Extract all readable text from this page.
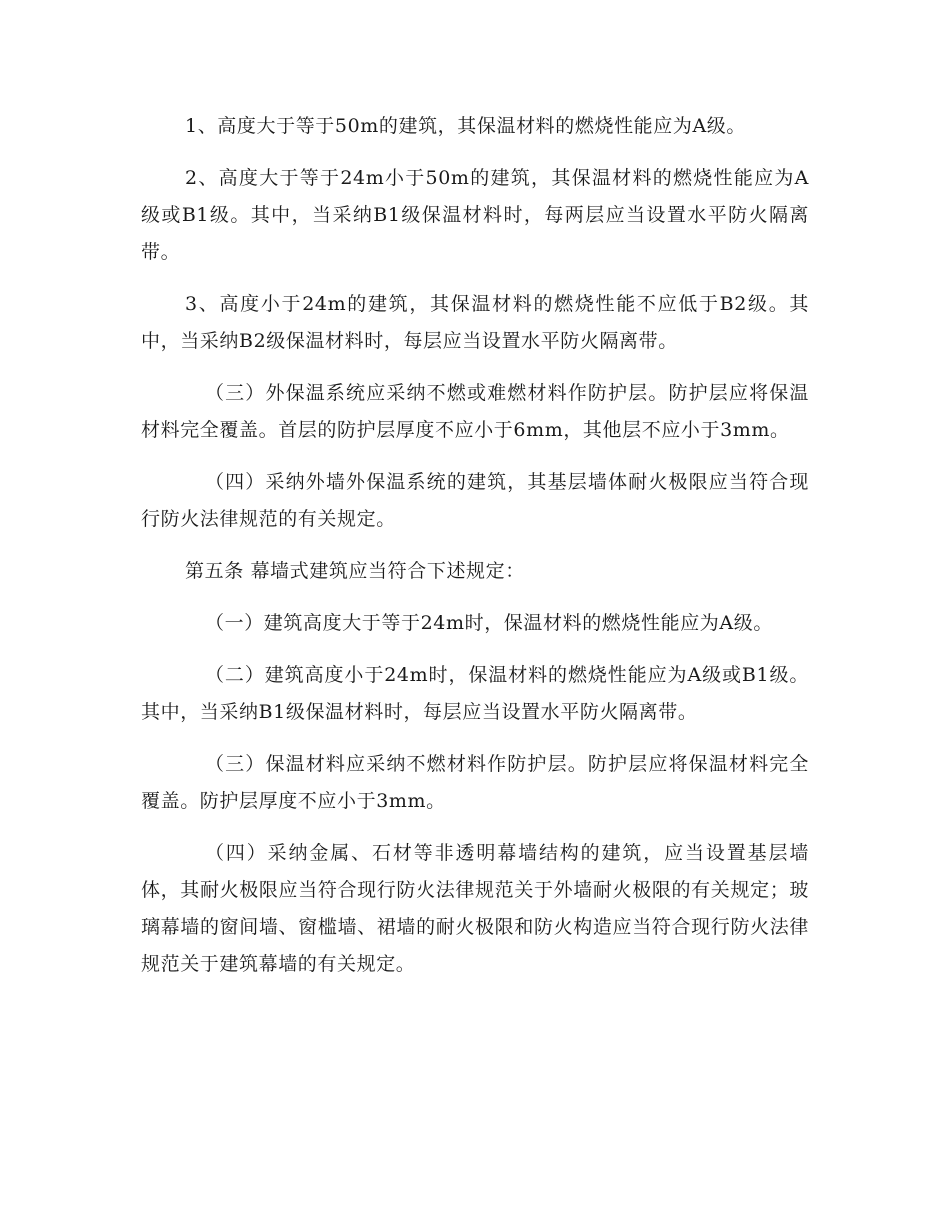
1、高度大于等于50m的建筑，其保温材料的燃烧性能应为A级。

2、高度大于等于24m小于50m的建筑，其保温材料的燃烧性能应为A级或B1级。其中，当采纳B1级保温材料时，每两层应当设置水平防火隔离带。

3、高度小于24m的建筑，其保温材料的燃烧性能不应低于B2级。其中，当采纳B2级保温材料时，每层应当设置水平防火隔离带。

（三）外保温系统应采纳不燃或难燃材料作防护层。防护层应将保温材料完全覆盖。首层的防护层厚度不应小于6mm，其他层不应小于3mm。

（四）采纳外墙外保温系统的建筑，其基层墙体耐火极限应当符合现行防火法律规范的有关规定。

第五条 幕墙式建筑应当符合下述规定：

（一）建筑高度大于等于24m时，保温材料的燃烧性能应为A级。

（二）建筑高度小于24m时，保温材料的燃烧性能应为A级或B1级。其中，当采纳B1级保温材料时，每层应当设置水平防火隔离带。

（三）保温材料应采纳不燃材料作防护层。防护层应将保温材料完全覆盖。防护层厚度不应小于3mm。

（四）采纳金属、石材等非透明幕墙结构的建筑，应当设置基层墙体，其耐火极限应当符合现行防火法律规范关于外墙耐火极限的有关规定；玻璃幕墙的窗间墙、窗槛墙、裙墙的耐火极限和防火构造应当符合现行防火法律规范关于建筑幕墙的有关规定。
